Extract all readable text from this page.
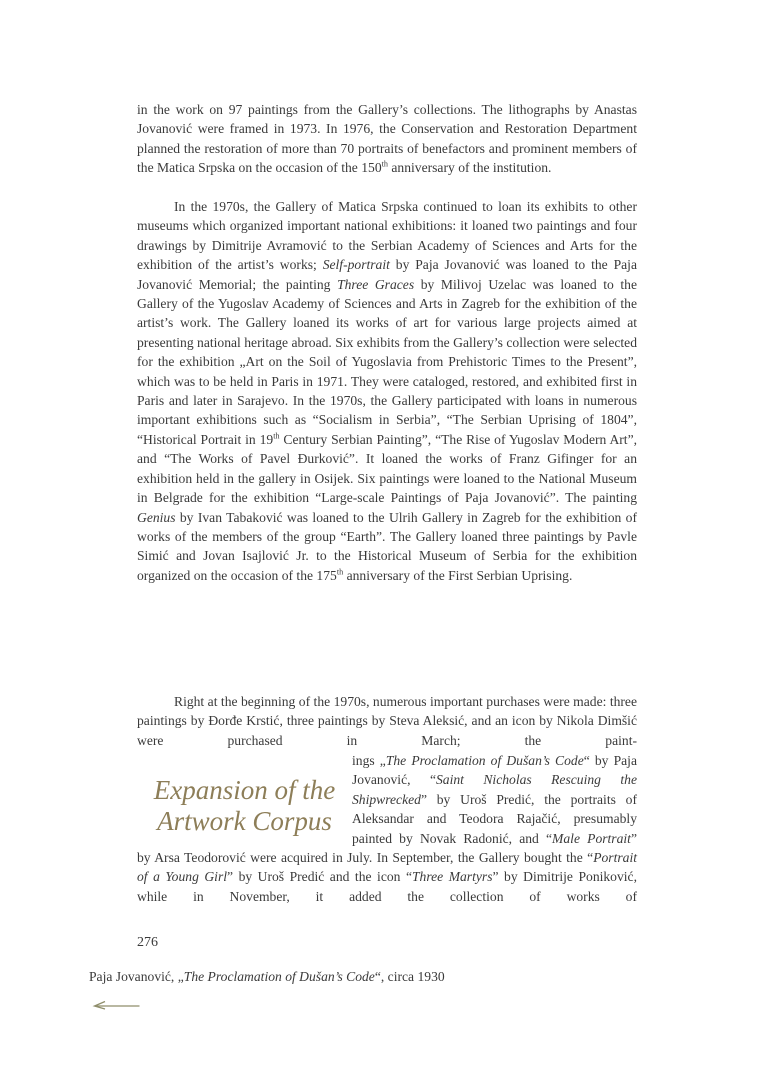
in the work on 97 paintings from the Gallery’s collections. The lithographs by Anastas Jovanović were framed in 1973. In 1976, the Conservation and Restoration Department planned the restoration of more than 70 portraits of benefactors and prominent members of the Matica Srpska on the occasion of the 150th anniversary of the institution.

In the 1970s, the Gallery of Matica Srpska continued to loan its exhibits to other museums which organized important national exhibitions: it loaned two paintings and four drawings by Dimitrije Avramović to the Serbian Academy of Sciences and Arts for the exhibition of the artist’s works; Self-portrait by Paja Jovanović was loaned to the Paja Jovanović Memorial; the painting Three Graces by Milivoj Uzelac was loaned to the Gallery of the Yugoslav Academy of Sciences and Arts in Zagreb for the exhibition of the artist’s work. The Gallery loaned its works of art for various large projects aimed at presenting national heritage abroad. Six exhibits from the Gallery’s collection were selected for the exhibition „Art on the Soil of Yugoslavia from Prehistoric Times to the Present”, which was to be held in Paris in 1971. They were cataloged, restored, and exhibited first in Paris and later in Sarajevo. In the 1970s, the Gallery participated with loans in numerous important exhibitions such as “Socialism in Serbia”, “The Serbian Uprising of 1804”, “Historical Portrait in 19th Century Serbian Painting”, “The Rise of Yugoslav Modern Art”, and “The Works of Pavel Đurković”. It loaned the works of Franz Gifinger for an exhibition held in the gallery in Osijek. Six paintings were loaned to the National Museum in Belgrade for the exhibition “Large-scale Paintings of Paja Jovanović”. The painting Genius by Ivan Tabaković was loaned to the Ulrih Gallery in Zagreb for the exhibition of works of the members of the group “Earth”. The Gallery loaned three paintings by Pavle Simić and Jovan Isajlović Jr. to the Historical Museum of Serbia for the exhibition organized on the occasion of the 175th anniversary of the First Serbian Uprising.

Right at the beginning of the 1970s, numerous important purchases were made: three paintings by Đorđe Krstić, three paintings by Steva Aleksić, and an icon by Nikola Dimšić were purchased in March; the paint-

Expansion of the
Artwork Corpus

ings „The Proclamation of Dušan’s Code“ by Paja Jovanović, “Saint Nicholas Rescuing the Shipwrecked” by Uroš Predić, the portraits of Aleksandar and Teodora Rajačić, presumably painted by Novak Radonić, and “Male Portrait”

by Arsa Teodorović were acquired in July. In September, the Gallery bought the “Portrait of a Young Girl” by Uroš Predić and the icon “Three Martyrs” by Dimitrije Poniković, while in November, it added the collection of works of

276
Paja Jovanović, „The Proclamation of Dušan’s Code“, circa 1930
